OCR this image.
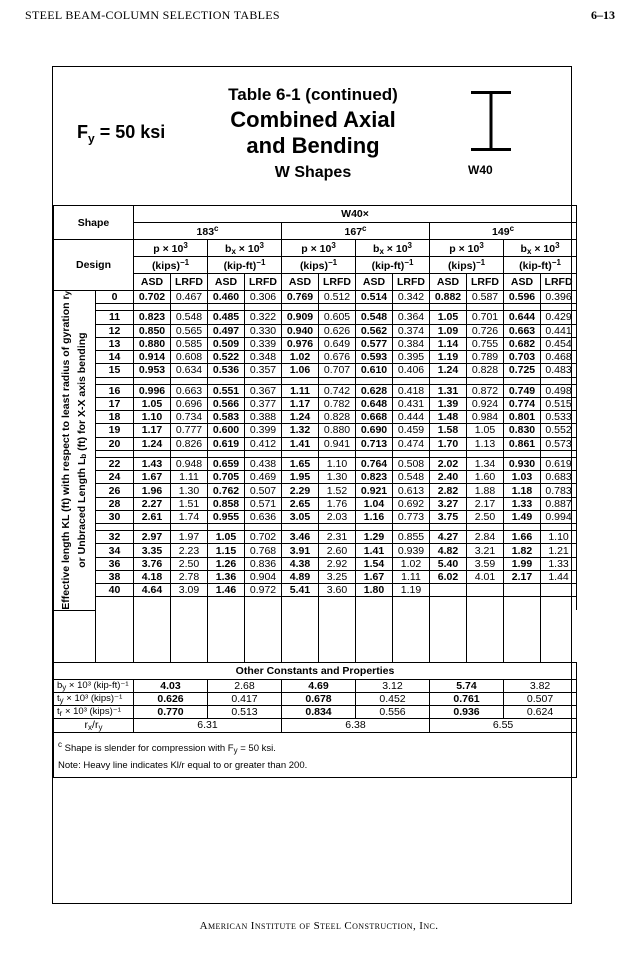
STEEL BEAM-COLUMN SELECTION TABLES	6–13
$F_y = 50$ ksi
Table 6-1 (continued)
Combined Axial
and Bending
W Shapes	W40
Shape		W40×												
		183$^c$				167$^c$				149$^c$
Design		$p \times 10^3$		$b_x \times 10^3$		$p \times 10^3$		$b_x \times 10^3$		$p \times 10^3$		$b_x \times 10^3$
		(kips)$^{-1}$		$(kip-ft)^{-1}$		(kips)$^{-1}$		$(kip-ft)^{-1}$		(kips)$^{-1}$		$(kip-ft)^{-1}$
		ASD	LRFD	ASD	LRFD	ASD	LRFD	ASD	LRFD	ASD	LRFD	ASD	LRFD	

Effective length KL (ft) with respect to least radius of gyration $r_y$
or Unbraced Length $L_b$ (ft) for X-X axis bending	0	0.702	0.467	0.460	0.306	0.769	0.512	0.514	0.342	0.882	0.587	0.596	0.396	

	11	0.823	0.548	0.485	0.322	0.909	0.605	0.548	0.364	1.05	0.701	0.644	0.429	
	12	0.850	0.565	0.497	0.330	0.940	0.626	0.562	0.374	1.09	0.726	0.663	0.441	
	13	0.880	0.585	0.509	0.339	0.976	0.649	0.577	0.384	1.14	0.755	0.682	0.454	
	14	0.914	0.608	0.522	0.348	1.02	0.676	0.593	0.395	1.19	0.789	0.703	0.468	
	15	0.953	0.634	0.536	0.357	1.06	0.707	0.610	0.406	1.24	0.828	0.725	0.483	

	16	0.996	0.663	0.551	0.367	1.11	0.742	0.628	0.418	1.31	0.872	0.749	0.498	
	17	1.05	0.696	0.566	0.377	1.17	0.782	0.648	0.431	1.39	0.924	0.774	0.515	
	18	1.10	0.734	0.583	0.388	1.24	0.828	0.668	0.444	1.48	0.984	0.801	0.533	
	19	1.17	0.777	0.600	0.399	1.32	0.880	0.690	0.459	1.58	1.05	0.830	0.552	
	20	1.24	0.826	0.619	0.412	1.41	0.941	0.713	0.474	1.70	1.13	0.861	0.573	

	22	1.43	0.948	0.659	0.438	1.65	1.10	0.764	0.508	2.02	1.34	0.930	0.619	
	24	1.67	1.11	0.705	0.469	1.95	1.30	0.823	0.548	2.40	1.60	1.03	0.683	
	26	1.96	1.30	0.762	0.507	2.29	1.52	0.921	0.613	2.82	1.88	1.18	0.783	
	28	2.27	1.51	0.858	0.571	2.65	1.76	1.04	0.692	3.27	2.17	1.33	0.887	
	30	2.61	1.74	0.955	0.636	3.05	2.03	1.16	0.773	3.75	2.50	1.49	0.994	

	32	2.97	1.97	1.05	0.702	3.46	2.31	1.29	0.855	4.27	2.84	1.66	1.10	
	34	3.35	2.23	1.15	0.768	3.91	2.60	1.41	0.939	4.82	3.21	1.82	1.21	
	36	3.76	2.50	1.26	0.836	4.38	2.92	1.54	1.02	5.40	3.59	1.99	1.33	
	38	4.18	2.78	1.36	0.904	4.89	3.25	1.67	1.11	6.02	4.01	2.17	1.44	
	40	4.64	3.09	1.46	0.972	5.41	3.60	1.80	1.19					

Other Constants and Properties														
$b_y \times 10^3$ (kip-ft)⁻¹		4.03		2.68		4.69		3.12		5.74		3.82		
$t_y \times 10^3$ (kips)⁻¹		0.626		0.417		0.678		0.452		0.761		0.507		
$t_r \times 10^3$ (kips)⁻¹		0.770		0.513		0.834		0.556		0.936		0.624		
$r_x/r_y$		6.31				6.38				6.55				

$^c$ Shape is slender for compression with $F_y = 50$ ksi.
Note: Heavy line indicates Kl/r equal to or greater than 200.														
American Institute of Steel Construction, Inc.
